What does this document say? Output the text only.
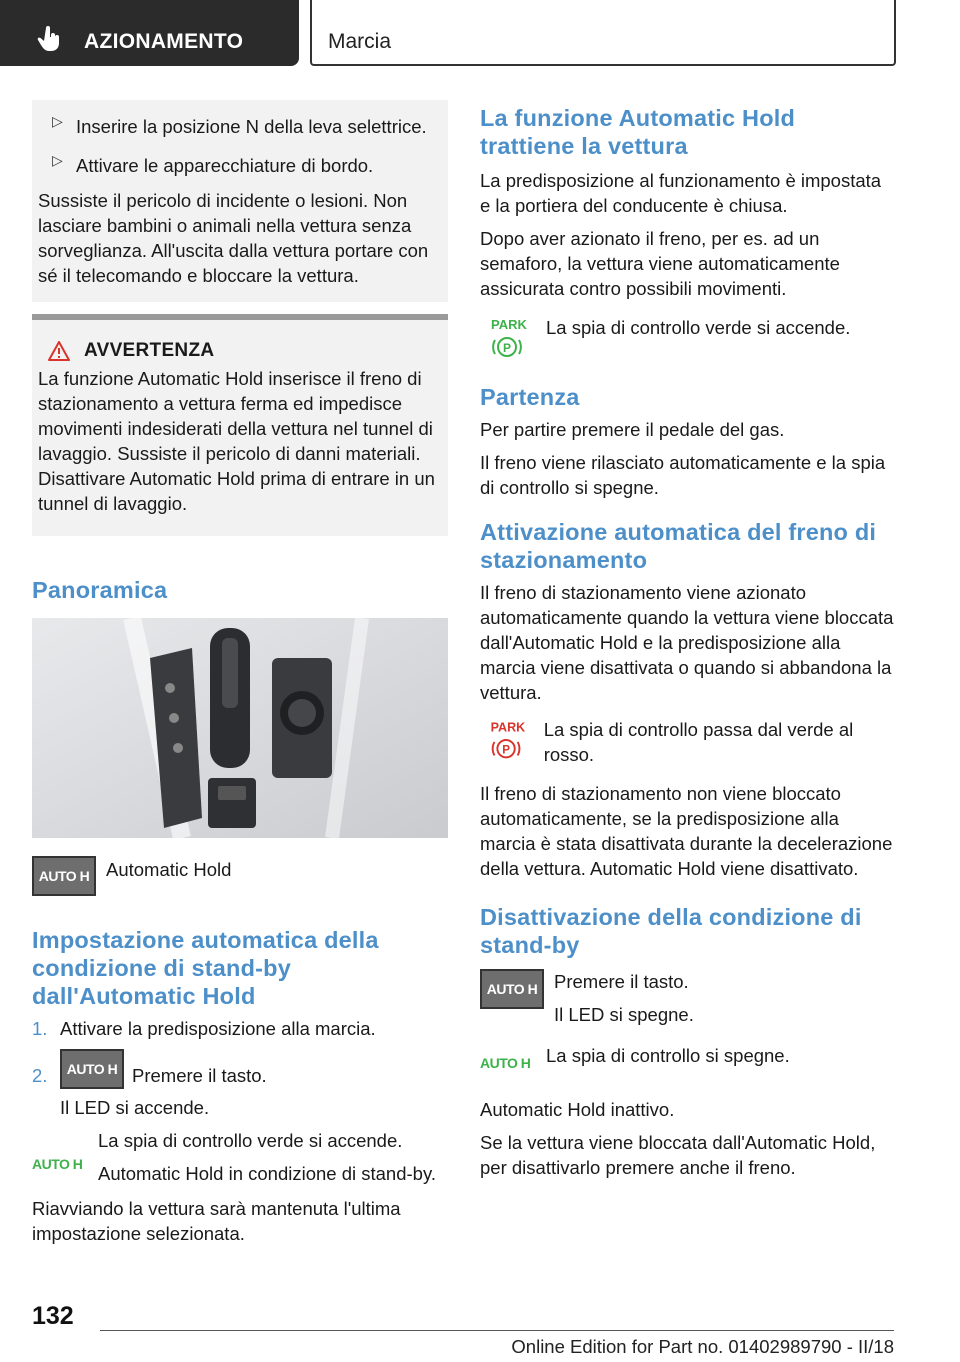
AZIONAMENTO	Marcia
▷ Inserire la posizione N della leva selettrice.

▷ Attivare le apparecchiature di bordo.

Sussiste il pericolo di incidente o lesioni. Non lasciare bambini o animali nella vettura senza sorveglianza. All'uscita dalla vettura portare con sé il telecomando e bloccare la vettura.

AVVERTENZA

La funzione Automatic Hold inserisce il freno di stazionamento a vettura ferma ed impedisce movimenti indesiderati della vettura nel tunnel di lavaggio. Sussiste il pericolo di danni materiali. Disattivare Automatic Hold prima di entrare in un tunnel di lavaggio.

Panoramica
AUTO H Automatic Hold

Impostazione automatica della condizione di stand-by dall'Automatic Hold
1. Attivare la predisposizione alla marcia.
2.	AUTO H Premere il tasto.

Il LED si accende.

AUTO H

La spia di controllo verde si accende.

Automatic Hold in condizione di stand-by.

Riavviando la vettura sarà mantenuta l'ultima impostazione selezionata.

La funzione Automatic Hold trattiene la vettura

La predisposizione al funzionamento è impostata e la portiera del conducente è chiusa.

Dopo aver azionato il freno, per es. ad un semaforo, la vettura viene automaticamente assicurata contro possibili movimenti.

PARK
P

La spia di controllo verde si accende.

Partenza

Per partire premere il pedale del gas.

Il freno viene rilasciato automaticamente e la spia di controllo si spegne.

Attivazione automatica del freno di stazionamento

Il freno di stazionamento viene azionato automaticamente quando la vettura viene bloccata dall'Automatic Hold e la predisposizione alla marcia viene disattivata o quando si abbandona la vettura.

PARK
P

La spia di controllo passa dal verde al rosso.

Il freno di stazionamento non viene bloccato automaticamente, se la predisposizione alla marcia è stata disattivata durante la decelerazione della vettura. Automatic Hold viene disattivato.

Disattivazione della condizione di stand-by
AUTO H Premere il tasto.

Il LED si spegne.

AUTO H La spia di controllo si spegne.

Automatic Hold inattivo.

Se la vettura viene bloccata dall'Automatic Hold, per disattivarlo premere anche il freno.

132
Online Edition for Part no. 01402989790 - II/18
